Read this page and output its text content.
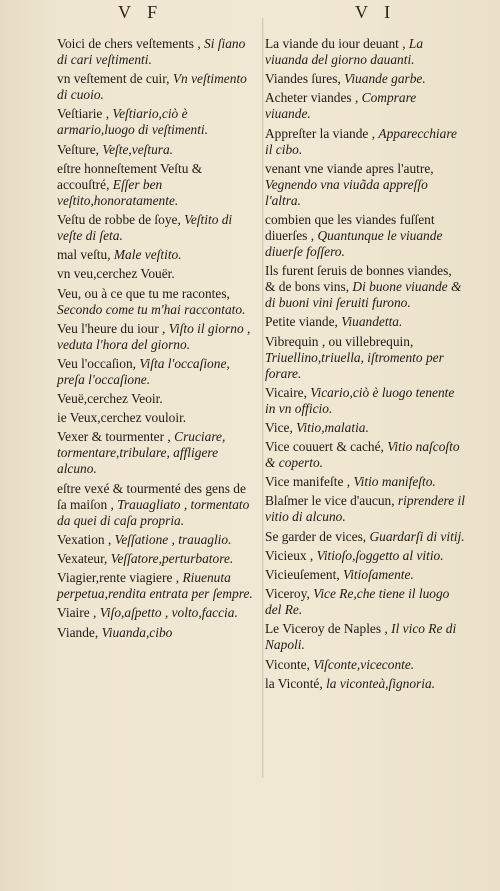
V F	V I
Voici de chers veſtements , Si ſiano di cari veſtimenti.
vn veſtement de cuir, Vn veſtimento di cuoio.
Veſtiarie , Veſtiario,ciò è armario,luogo di veſtimenti.
Veſture, Veſte,veſtura.
eſtre honneſtement Veſtu & accouſtré, Eſſer ben veſtito,honoratamente.
Veſtu de robbe de ſoye, Veſtito di veſte di ſeta.
mal veſtu, Male veſtito.
vn veu,cerchez Vouër.
Veu, ou à ce que tu me racontes, Secondo come tu m'hai raccontato.
Veu l'heure du iour , Viſto il giorno , veduta l'hora del giorno.
Veu l'occaſion, Viſta l'occaſione, preſa l'occaſione.
Veuë,cerchez Veoir.
ie Veux,cerchez vouloir.
Vexer & tourmenter , Cruciare, tormentare,tribulare, affligere alcuno.
eſtre vexé & tourmenté des gens de ſa maiſon , Trauagliato , tormentato da quei di caſa propria.
Vexation , Veſſatione , trauaglio.
Vexateur, Veſſatore,perturbatore.
Viagier,rente viagiere , Riuenuta perpetua,rendita entrata per ſempre.
Viaire , Viſo,aſpetto , volto,faccia.
Viande, Viuanda,cibo
La viande du iour deuant , La viuanda del giorno dauanti.
Viandes ſures, Viuande garbe.
Acheter viandes , Comprare viuande.
Appreſter la viande , Apparecchiare il cibo.
venant vne viande apres l'autre, Vegnendo vna viuãda appreſſo l'altra.
combien que les viandes fuſſent diuerſes , Quantunque le viuande diuerſe foſſero.
Ils furent ſeruis de bonnes viandes, & de bons vins, Di buone viuande & di buoni vini ſeruiti furono.
Petite viande, Viuandetta.
Vibrequin , ou villebrequin, Triuellino,triuella, iſtromento per forare.
Vicaire, Vicario,ciò è luogo tenente in vn officio.
Vice, Vitio,malatia.
Vice couuert & caché, Vitio naſcoſto & coperto.
Vice manifeſte , Vitio manifeſto.
Blaſmer le vice d'aucun, riprendere il vitio di alcuno.
Se garder de vices, Guardarſi di vitij.
Vicieux , Vitioſo,ſoggetto al vitio.
Vicieuſement, Vitioſamente.
Viceroy, Vice Re,che tiene il luogo del Re.
Le Viceroy de Naples , Il vico Re di Napoli.
Viconte, Viſconte,viceconte.
la Viconté, la viconteà,ſignoria.
